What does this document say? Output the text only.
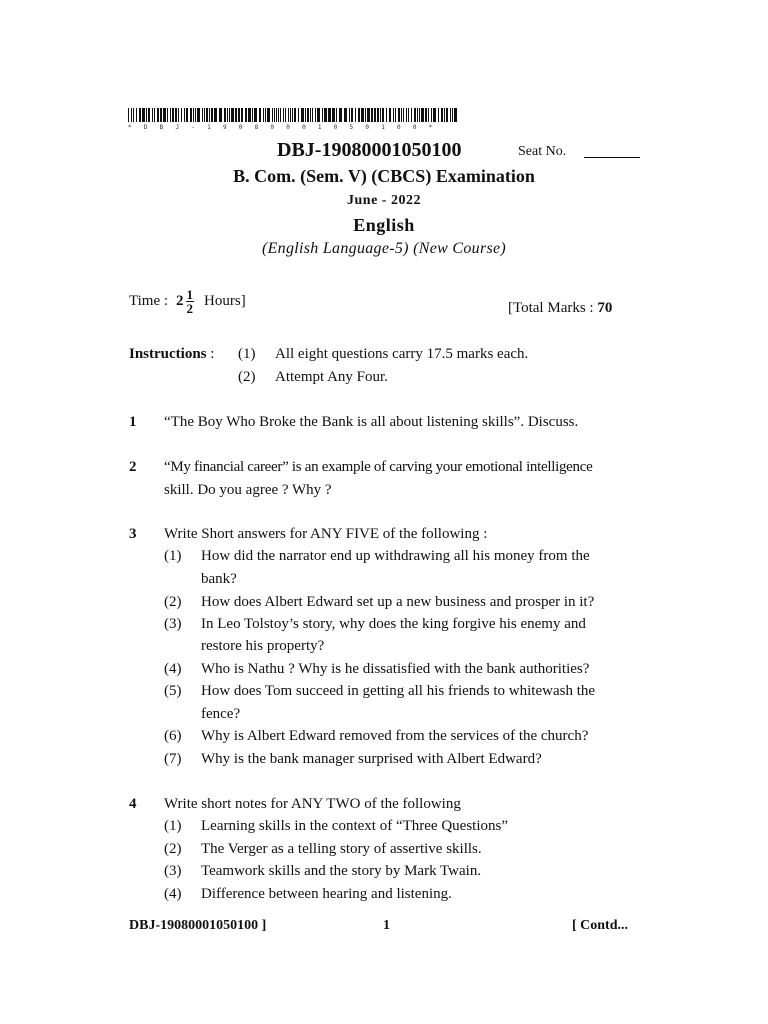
* D B J - 1 9 0 8 0 0 0 1 0 5 0 1 0 0 *
DBJ-19080001050100	Seat No.
B. Com. (Sem. V) (CBCS) Examination
June - 2022
English
(English Language-5) (New Course)
Time : $2 \frac{1}{2}$ Hours]	[Total Marks : 70
Instructions : (1) All eight questions carry 17.5 marks each.
(2) Attempt Any Four.
1 “The Boy Who Broke the Bank is all about listening skills”. Discuss.
2 “My financial career” is an example of carving your emotional intelligence
skill. Do you agree ? Why ?
3 Write Short answers for ANY FIVE of the following :
(1) How did the narrator end up withdrawing all his money from the
bank?
(2) How does Albert Edward set up a new business and prosper in it?
(3) In Leo Tolstoy’s story, why does the king forgive his enemy and
restore his property?
(4) Who is Nathu ? Why is he dissatisfied with the bank authorities?
(5) How does Tom succeed in getting all his friends to whitewash the
fence?
(6) Why is Albert Edward removed from the services of the church?
(7) Why is the bank manager surprised with Albert Edward?
4 Write short notes for ANY TWO of the following
(1) Learning skills in the context of “Three Questions”
(2) The Verger as a telling story of assertive skills.
(3) Teamwork skills and the story by Mark Twain.
(4) Difference between hearing and listening.
DBJ-19080001050100 ]	1	[ Contd...
